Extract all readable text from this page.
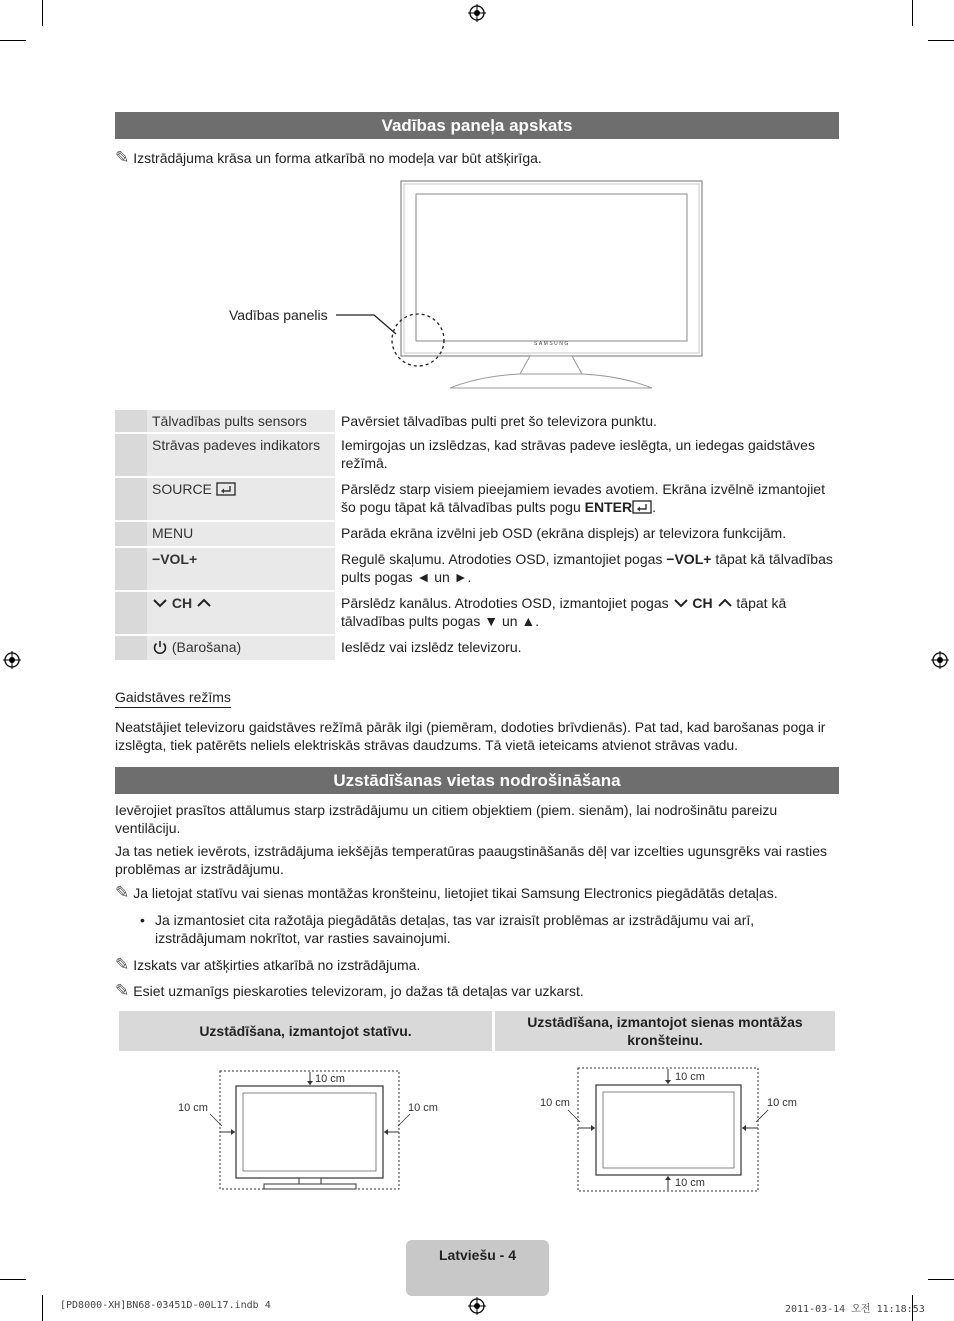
Vadības paneļa apskats
✎ Izstrādājuma krāsa un forma atkarībā no modeļa var būt atšķirīga.
SAMSUNG
Vadības panelis
Tālvadības pults sensors	Pavērsiet tālvadības pulti pret šo televizora punktu.
Strāvas padeves indikators	Iemirgojas un izslēdzas, kad strāvas padeve ieslēgta, un iedegas gaidstāves režīmā.
SOURCE	Pārslēdz starp visiem pieejamiem ievades avotiem. Ekrāna izvēlnē izmantojiet šo pogu tāpat kā tālvadības pults pogu ENTER .
MENU	Parāda ekrāna izvēlni jeb OSD (ekrāna displejs) ar televizora funkcijām.
−VOL+	Regulē skaļumu. Atrodoties OSD, izmantojiet pogas −VOL+ tāpat kā tālvadības pults pogas ◄ un ►.
CH	Pārslēdz kanālus. Atrodoties OSD, izmantojiet pogas  CH  tāpat kā tālvadības pults pogas ▼ un ▲.
(Barošana)	Ieslēdz vai izslēdz televizoru.
Gaidstāves režīms
Neatstājiet televizoru gaidstāves režīmā pārāk ilgi (piemēram, dodoties brīvdienās). Pat tad, kad barošanas poga ir izslēgta, tiek patērēts neliels elektriskās strāvas daudzums. Tā vietā ieteicams atvienot strāvas vadu.
Uzstādīšanas vietas nodrošināšana
Ievērojiet prasītos attālumus starp izstrādājumu un citiem objektiem (piem. sienām), lai nodrošinātu pareizu ventilāciju.
Ja tas netiek ievērots, izstrādājuma iekšējās temperatūras paaugstināšanās dēļ var izcelties ugunsgrēks vai rasties problēmas ar izstrādājumu.
✎ Ja lietojat statīvu vai sienas montāžas kronšteinu, lietojiet tikai Samsung Electronics piegādātās detaļas.
• Ja izmantosiet cita ražotāja piegādātās detaļas, tas var izraisīt problēmas ar izstrādājumu vai arī, izstrādājumam nokrītot, var rasties savainojumi.
✎ Izskats var atšķirties atkarībā no izstrādājuma.
✎ Esiet uzmanīgs pieskaroties televizoram, jo dažas tā detaļas var uzkarst.
Uzstādīšana, izmantojot statīvu.
Uzstādīšana, izmantojot sienas montāžas kronšteinu.
10 cm
10 cm	10 cm
10 cm
10 cm	10 cm
10 cm
Latviešu - 4
[PD8000-XH]BN68-03451D-00L17.indb 4	2011-03-14 오전 11:18:53
